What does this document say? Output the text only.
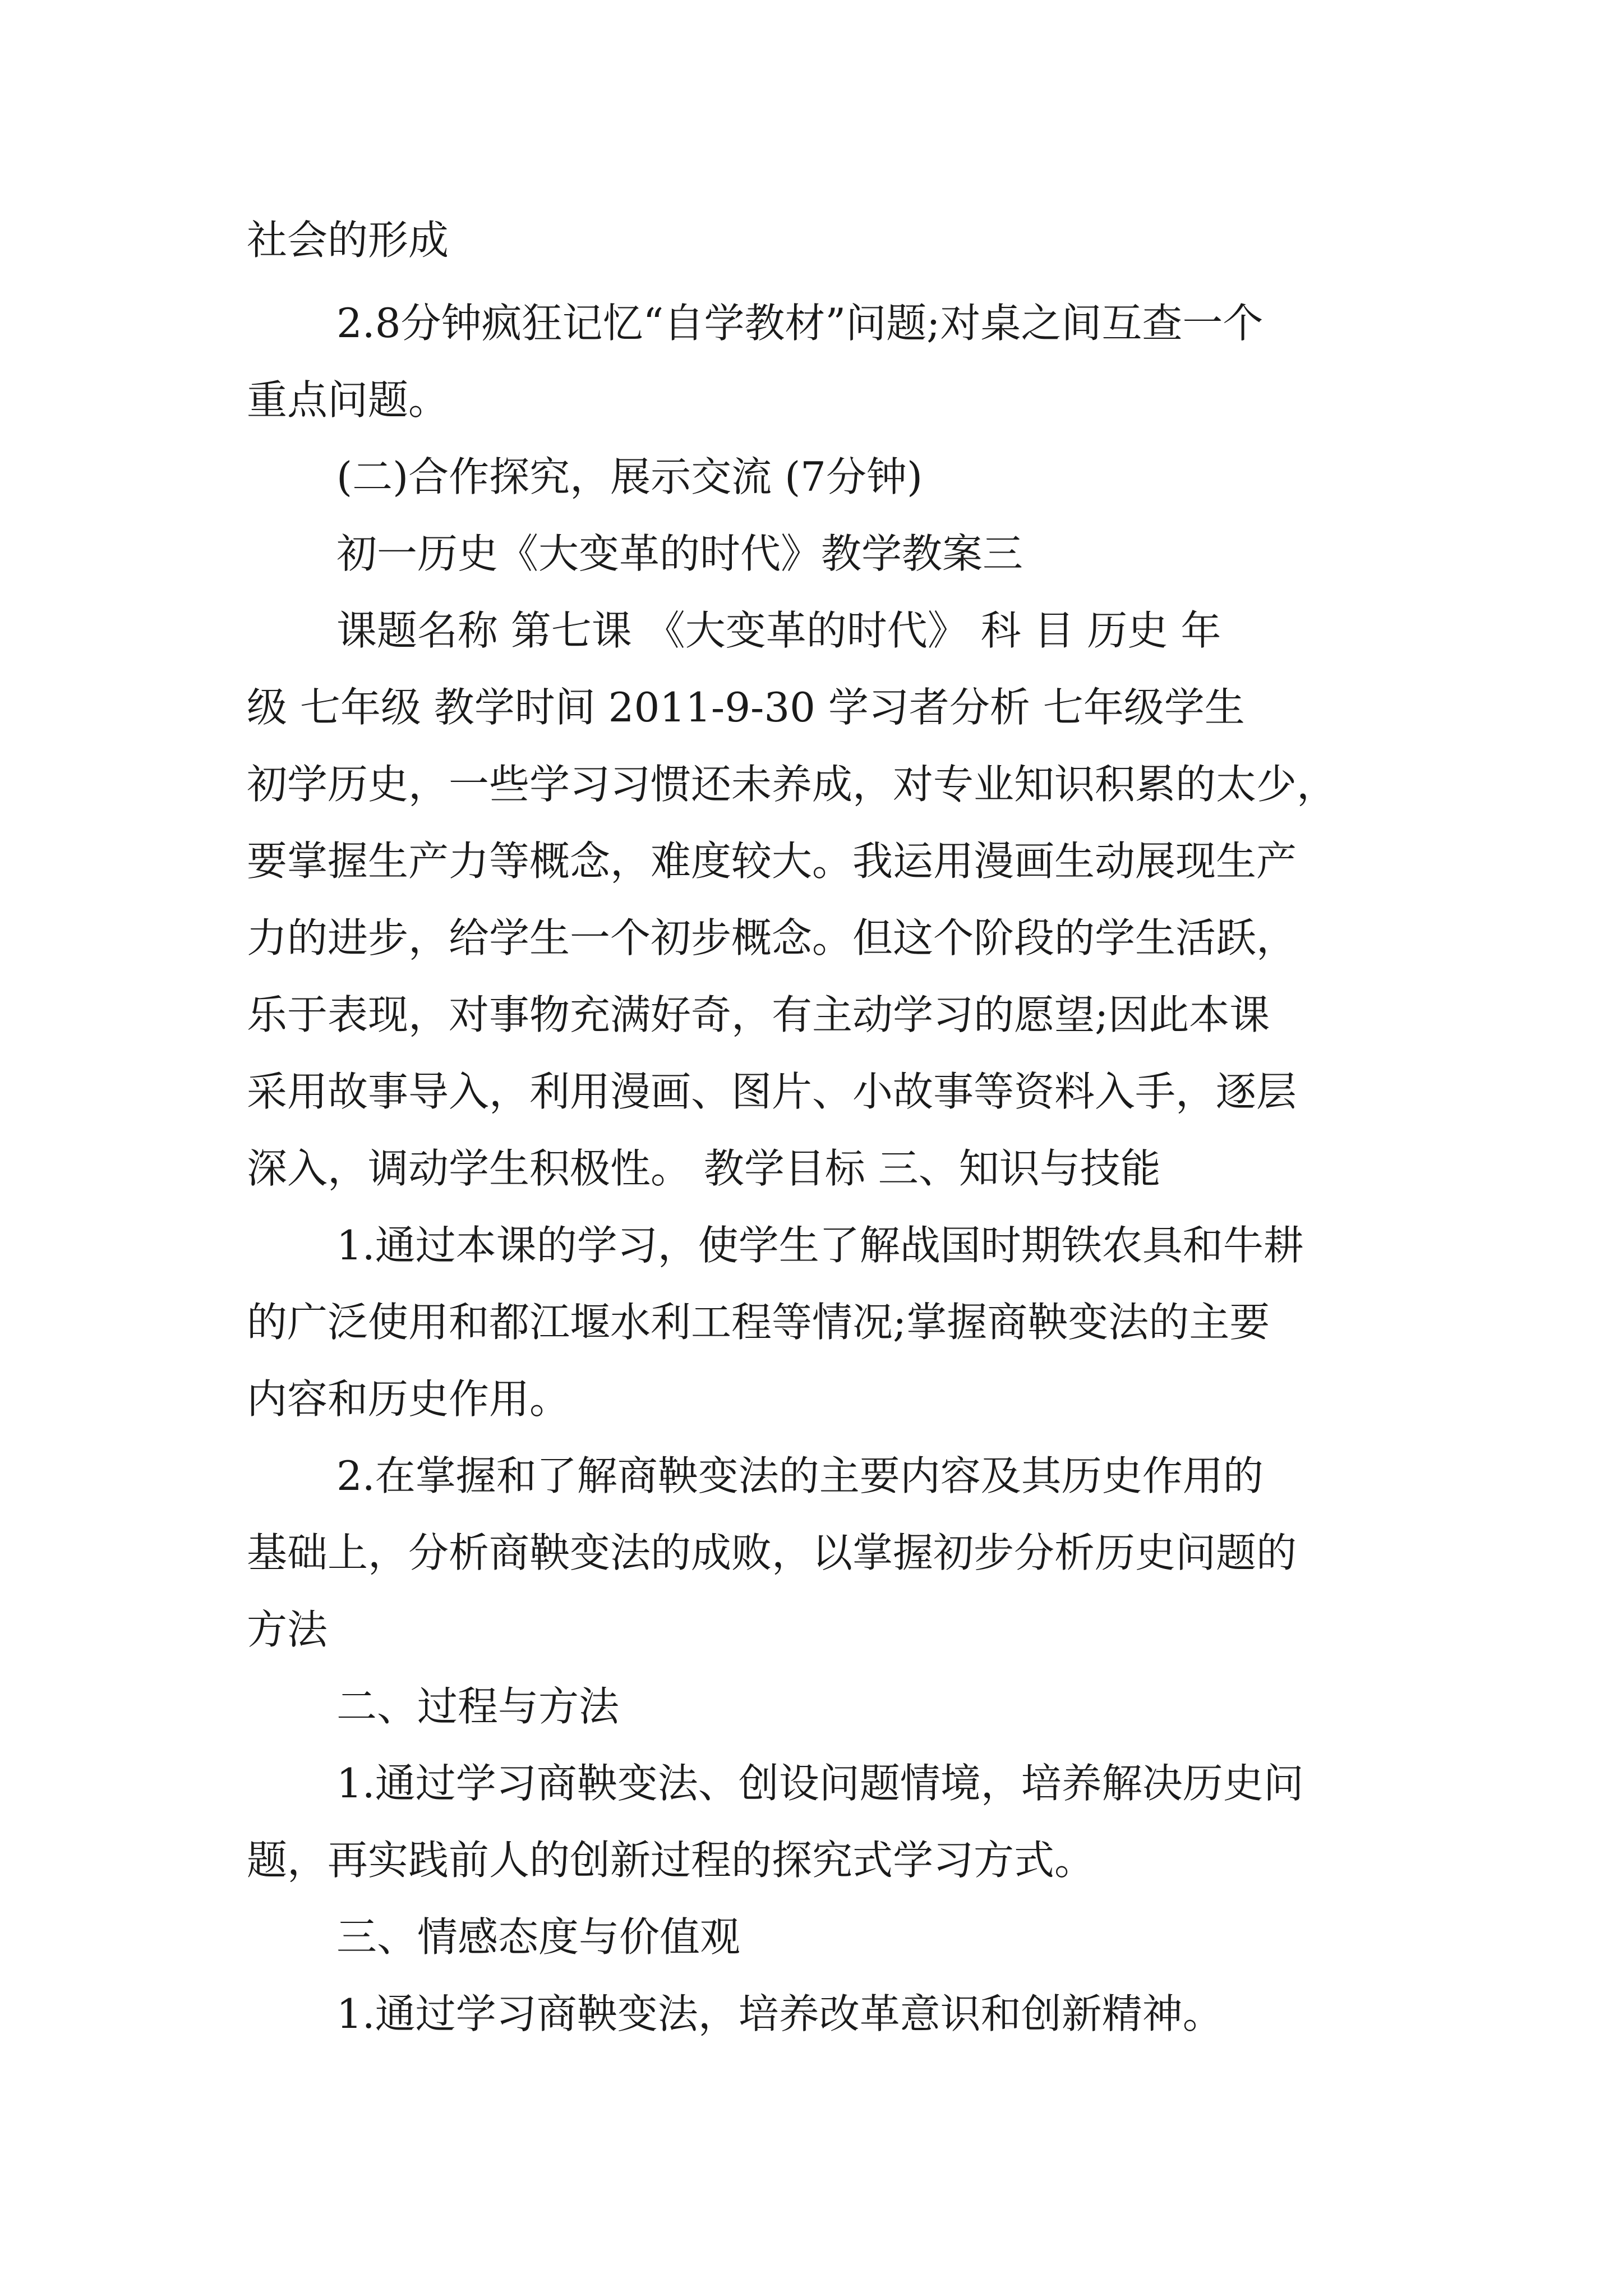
社会的形成
2.8分钟疯狂记忆“自学教材”问题;对桌之间互查一个
重点问题。
(二)合作探究，展示交流 (7分钟)
初一历史《大变革的时代》教学教案三
课题名称 第七课 《大变革的时代》 科 目 历史 年
级 七年级 教学时间 2011-9-30 学习者分析 七年级学生
初学历史，一些学习习惯还未养成，对专业知识积累的太少，
要掌握生产力等概念，难度较大。我运用漫画生动展现生产
力的进步，给学生一个初步概念。但这个阶段的学生活跃，
乐于表现，对事物充满好奇，有主动学习的愿望;因此本课
采用故事导入，利用漫画、图片、小故事等资料入手，逐层
深入，调动学生积极性。 教学目标 三、知识与技能
1.通过本课的学习，使学生了解战国时期铁农具和牛耕
的广泛使用和都江堰水利工程等情况;掌握商鞅变法的主要
内容和历史作用。
2.在掌握和了解商鞅变法的主要内容及其历史作用的
基础上，分析商鞅变法的成败，以掌握初步分析历史问题的
方法
二、过程与方法
1.通过学习商鞅变法、创设问题情境，培养解决历史问
题，再实践前人的创新过程的探究式学习方式。
三、情感态度与价值观
1.通过学习商鞅变法，培养改革意识和创新精神。
